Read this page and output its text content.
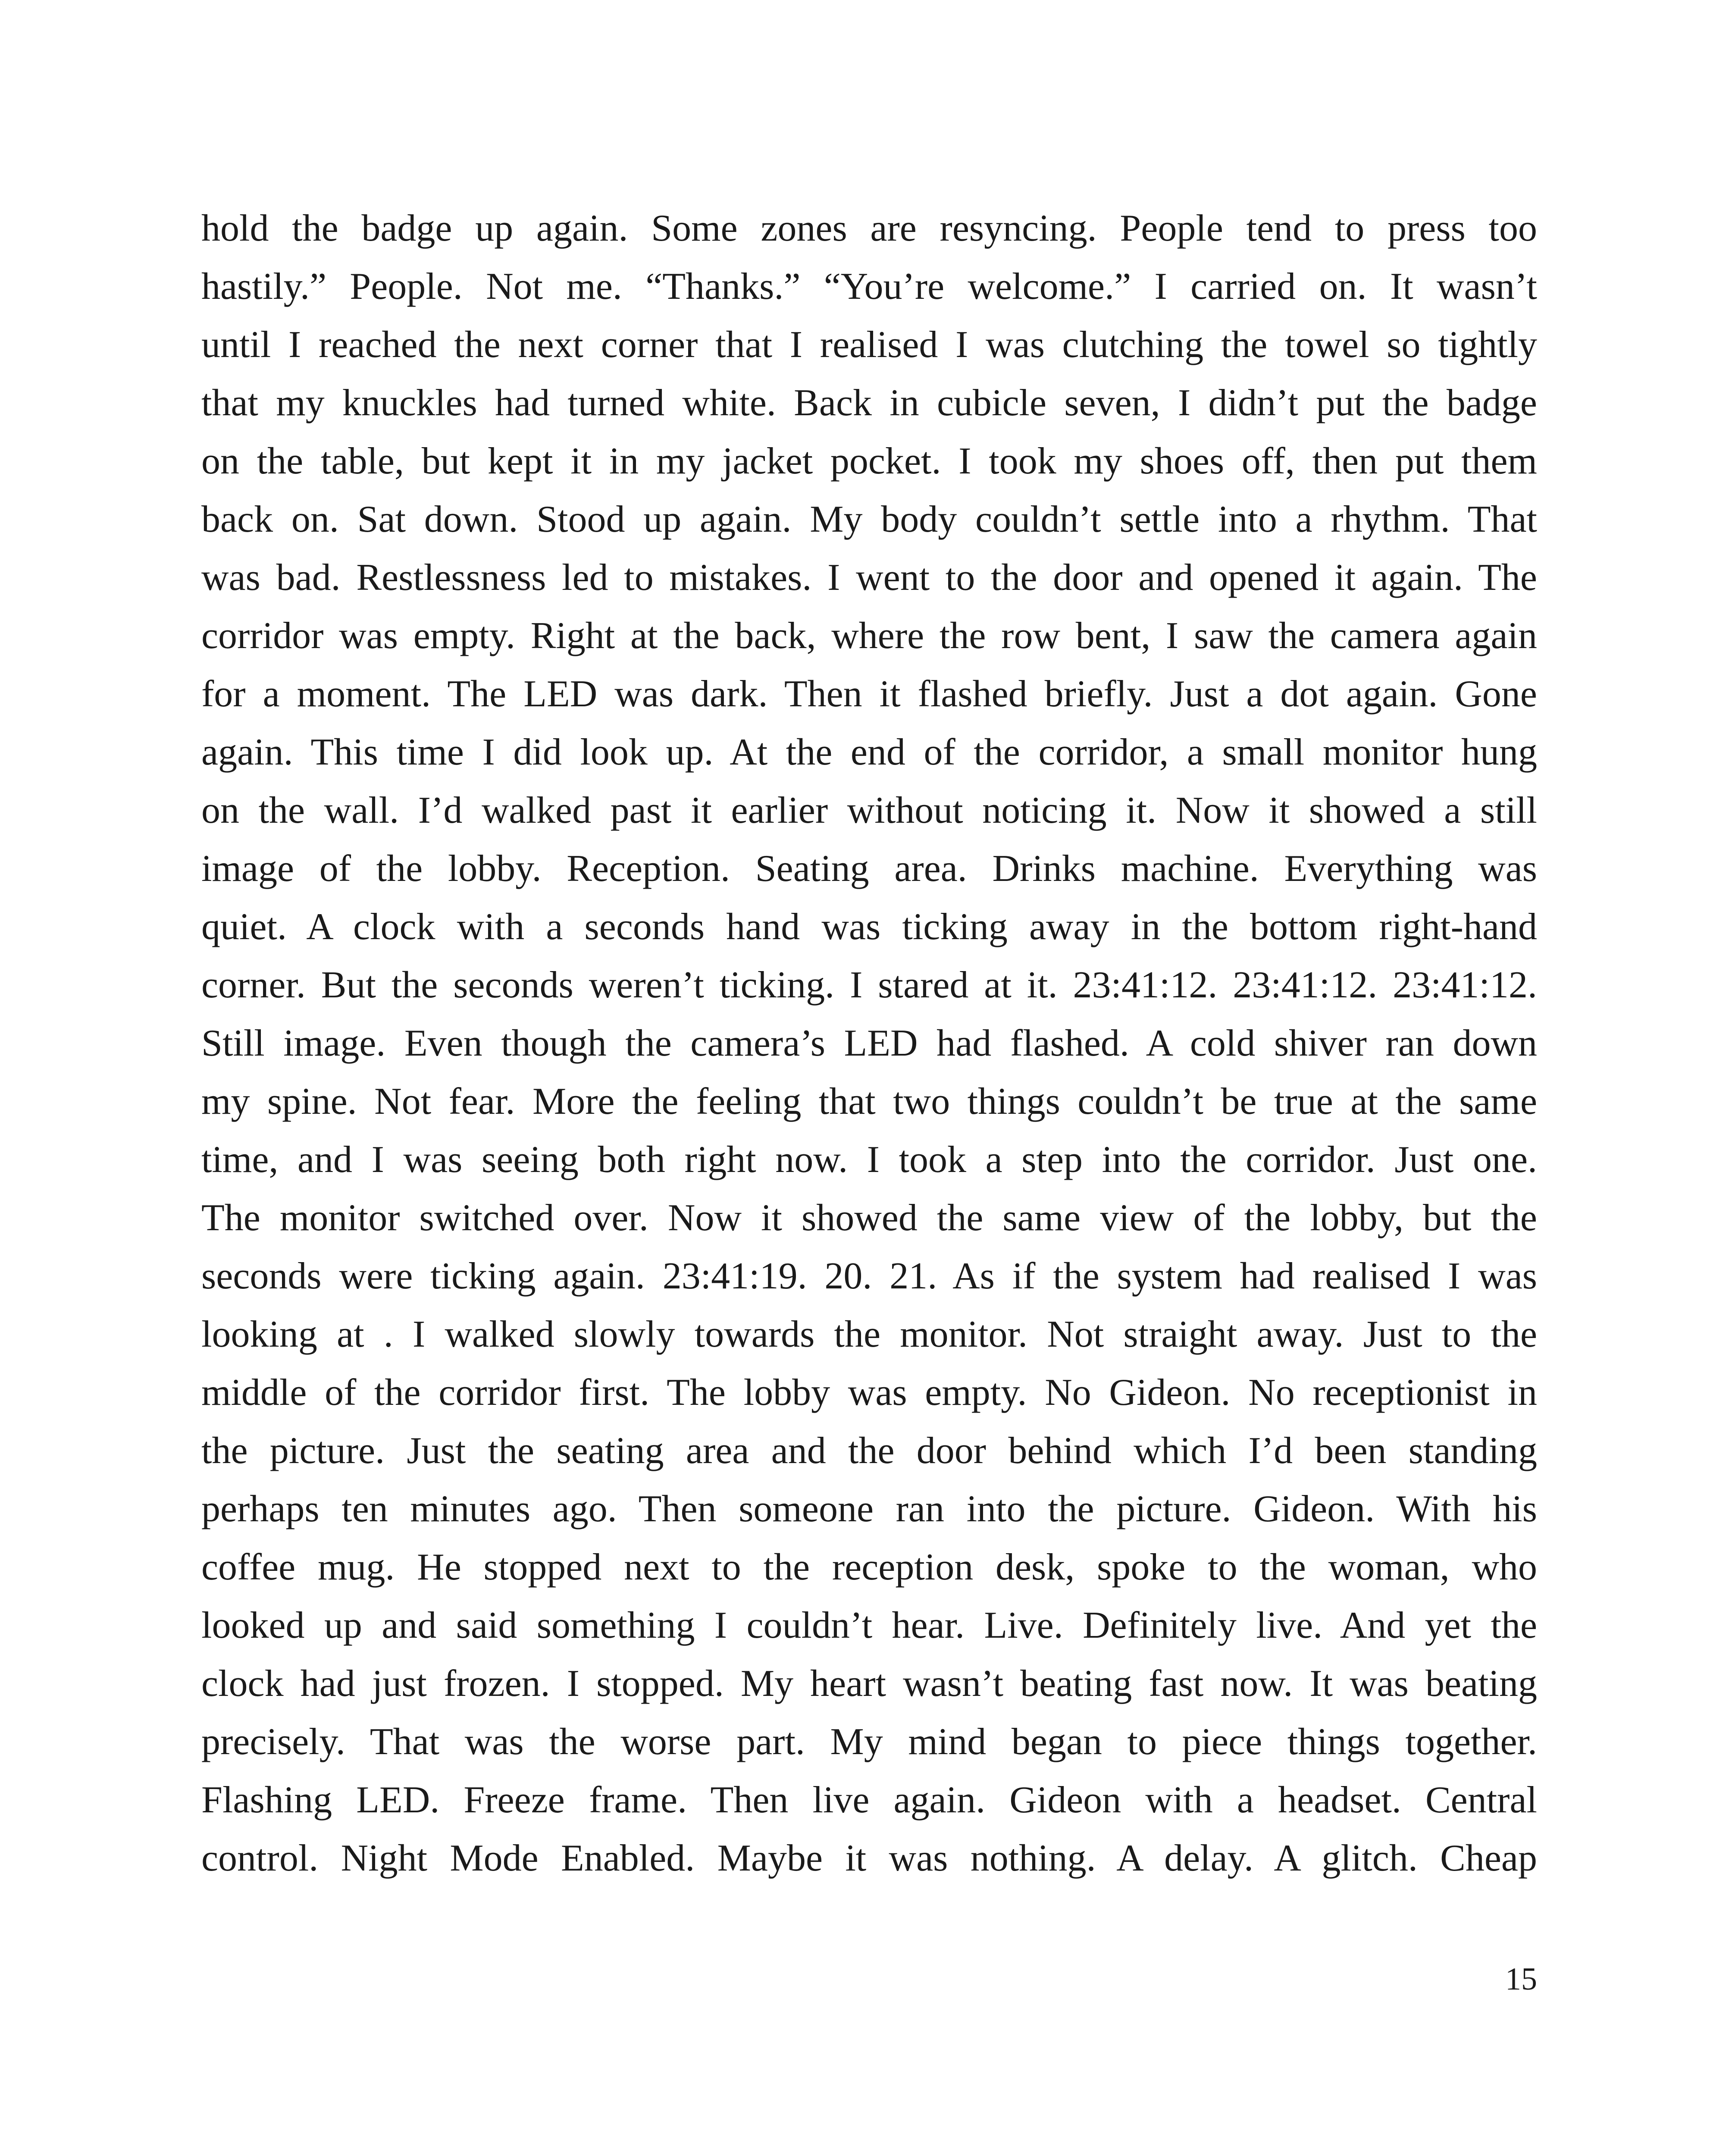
hold the badge up again. Some zones are resyncing. People tend to press too
hastily.” People. Not me. “Thanks.” “You’re welcome.” I carried on. It wasn’t
until I reached the next corner that I realised I was clutching the towel so tightly
that my knuckles had turned white. Back in cubicle seven, I didn’t put the badge
on the table, but kept it in my jacket pocket. I took my shoes off, then put them
back on. Sat down. Stood up again. My body couldn’t settle into a rhythm. That
was bad. Restlessness led to mistakes. I went to the door and opened it again. The
corridor was empty. Right at the back, where the row bent, I saw the camera again
for a moment. The LED was dark. Then it flashed briefly. Just a dot again. Gone
again. This time I did look up. At the end of the corridor, a small monitor hung
on the wall. I’d walked past it earlier without noticing it. Now it showed a still
image of the lobby. Reception. Seating area. Drinks machine. Everything was
quiet. A clock with a seconds hand was ticking away in the bottom right-hand
corner. But the seconds weren’t ticking. I stared at it. 23:41:12. 23:41:12. 23:41:12.
Still image. Even though the camera’s LED had flashed. A cold shiver ran down
my spine. Not fear. More the feeling that two things couldn’t be true at the same
time, and I was seeing both right now. I took a step into the corridor. Just one.
The monitor switched over. Now it showed the same view of the lobby, but the
seconds were ticking again. 23:41:19. 20. 21. As if the system had realised I was
looking at . I walked slowly towards the monitor. Not straight away. Just to the
middle of the corridor first. The lobby was empty. No Gideon. No receptionist in
the picture. Just the seating area and the door behind which I’d been standing
perhaps ten minutes ago. Then someone ran into the picture. Gideon. With his
coffee mug. He stopped next to the reception desk, spoke to the woman, who
looked up and said something I couldn’t hear. Live. Definitely live. And yet the
clock had just frozen. I stopped. My heart wasn’t beating fast now. It was beating
precisely. That was the worse part. My mind began to piece things together.
Flashing LED. Freeze frame. Then live again. Gideon with a headset. Central
control. Night Mode Enabled. Maybe it was nothing. A delay. A glitch. Cheap
15
